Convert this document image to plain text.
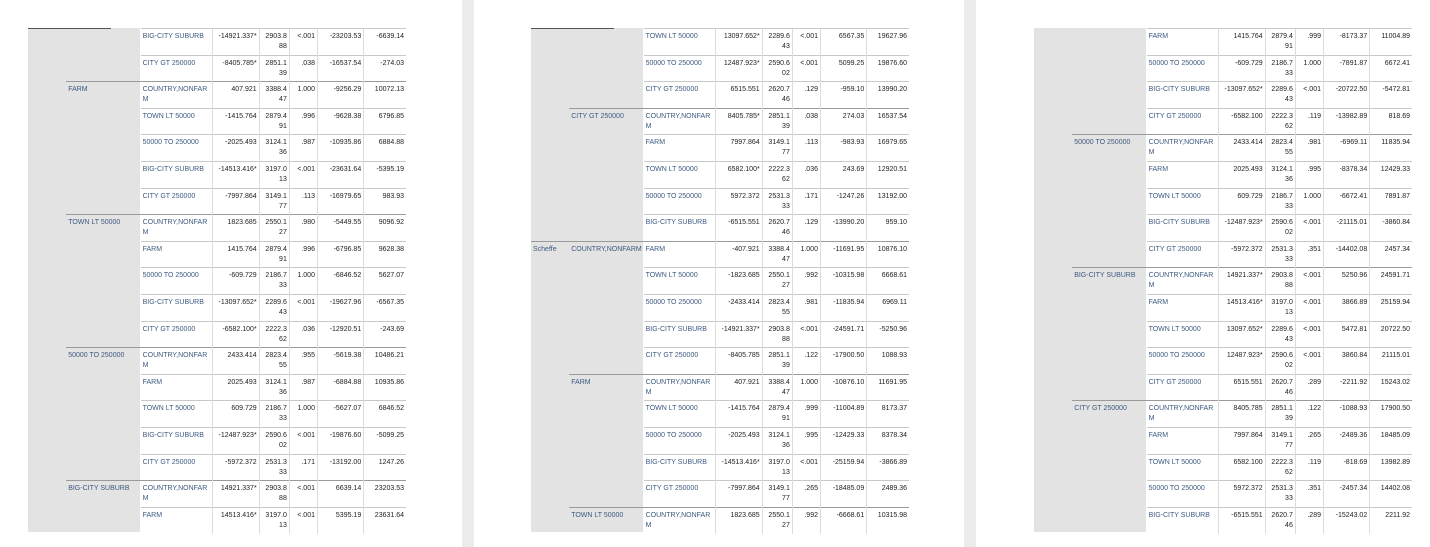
		BIG-CITY SUBURB	-14921.337*	2903.888	<.001	-23203.53	-6639.14
		CITY GT 250000	-8405.785*	2851.139	.038	-16537.54	-274.03
	FARM	COUNTRY,NONFARM	407.921	3388.447	1.000	-9256.29	10072.13
		TOWN LT 50000	-1415.764	2879.491	.996	-9628.38	6796.85
		50000 TO 250000	-2025.493	3124.136	.987	-10935.86	6884.88
		BIG-CITY SUBURB	-14513.416*	3197.013	<.001	-23631.64	-5395.19
		CITY GT 250000	-7997.864	3149.177	.113	-16979.65	983.93
	TOWN LT 50000	COUNTRY,NONFARM	1823.685	2550.127	.980	-5449.55	9096.92
		FARM	1415.764	2879.491	.996	-6796.85	9628.38
		50000 TO 250000	-609.729	2186.733	1.000	-6846.52	5627.07
		BIG-CITY SUBURB	-13097.652*	2289.643	<.001	-19627.96	-6567.35
		CITY GT 250000	-6582.100*	2222.362	.036	-12920.51	-243.69
	50000 TO 250000	COUNTRY,NONFARM	2433.414	2823.455	.955	-5619.38	10486.21
		FARM	2025.493	3124.136	.987	-6884.88	10935.86
		TOWN LT 50000	609.729	2186.733	1.000	-5627.07	6846.52
		BIG-CITY SUBURB	-12487.923*	2590.602	<.001	-19876.60	-5099.25
		CITY GT 250000	-5972.372	2531.333	.171	-13192.00	1247.26
	BIG-CITY SUBURB	COUNTRY,NONFARM	14921.337*	2903.888	<.001	6639.14	23203.53
		FARM	14513.416*	3197.013	<.001	5395.19	23631.64
		TOWN LT 50000	13097.652*	2289.643	<.001	6567.35	19627.96
		50000 TO 250000	12487.923*	2590.602	<.001	5099.25	19876.60
		CITY GT 250000	6515.551	2620.746	.129	-959.10	13990.20
	CITY GT 250000	COUNTRY,NONFARM	8405.785*	2851.139	.038	274.03	16537.54
		FARM	7997.864	3149.177	.113	-983.93	16979.65
		TOWN LT 50000	6582.100*	2222.362	.036	243.69	12920.51
		50000 TO 250000	5972.372	2531.333	.171	-1247.26	13192.00
		BIG-CITY SUBURB	-6515.551	2620.746	.129	-13990.20	959.10
Scheffe	COUNTRY,NONFARM	FARM	-407.921	3388.447	1.000	-11691.95	10876.10
		TOWN LT 50000	-1823.685	2550.127	.992	-10315.98	6668.61
		50000 TO 250000	-2433.414	2823.455	.981	-11835.94	6969.11
		BIG-CITY SUBURB	-14921.337*	2903.888	<.001	-24591.71	-5250.96
		CITY GT 250000	-8405.785	2851.139	.122	-17900.50	1088.93
	FARM	COUNTRY,NONFARM	407.921	3388.447	1.000	-10876.10	11691.95
		TOWN LT 50000	-1415.764	2879.491	.999	-11004.89	8173.37
		50000 TO 250000	-2025.493	3124.136	.995	-12429.33	8378.34
		BIG-CITY SUBURB	-14513.416*	3197.013	<.001	-25159.94	-3866.89
		CITY GT 250000	-7997.864	3149.177	.265	-18485.09	2489.36
	TOWN LT 50000	COUNTRY,NONFARM	1823.685	2550.127	.992	-6668.61	10315.98
		FARM	1415.764	2879.491	.999	-8173.37	11004.89
		50000 TO 250000	-609.729	2186.733	1.000	-7891.87	6672.41
		BIG-CITY SUBURB	-13097.652*	2289.643	<.001	-20722.50	-5472.81
		CITY GT 250000	-6582.100	2222.362	.119	-13982.89	818.69
	50000 TO 250000	COUNTRY,NONFARM	2433.414	2823.455	.981	-6969.11	11835.94
		FARM	2025.493	3124.136	.995	-8378.34	12429.33
		TOWN LT 50000	609.729	2186.733	1.000	-6672.41	7891.87
		BIG-CITY SUBURB	-12487.923*	2590.602	<.001	-21115.01	-3860.84
		CITY GT 250000	-5972.372	2531.333	.351	-14402.08	2457.34
	BIG-CITY SUBURB	COUNTRY,NONFARM	14921.337*	2903.888	<.001	5250.96	24591.71
		FARM	14513.416*	3197.013	<.001	3866.89	25159.94
		TOWN LT 50000	13097.652*	2289.643	<.001	5472.81	20722.50
		50000 TO 250000	12487.923*	2590.602	<.001	3860.84	21115.01
		CITY GT 250000	6515.551	2620.746	.289	-2211.92	15243.02
	CITY GT 250000	COUNTRY,NONFARM	8405.785	2851.139	.122	-1088.93	17900.50
		FARM	7997.864	3149.177	.265	-2489.36	18485.09
		TOWN LT 50000	6582.100	2222.362	.119	-818.69	13982.89
		50000 TO 250000	5972.372	2531.333	.351	-2457.34	14402.08
		BIG-CITY SUBURB	-6515.551	2620.746	.289	-15243.02	2211.92
